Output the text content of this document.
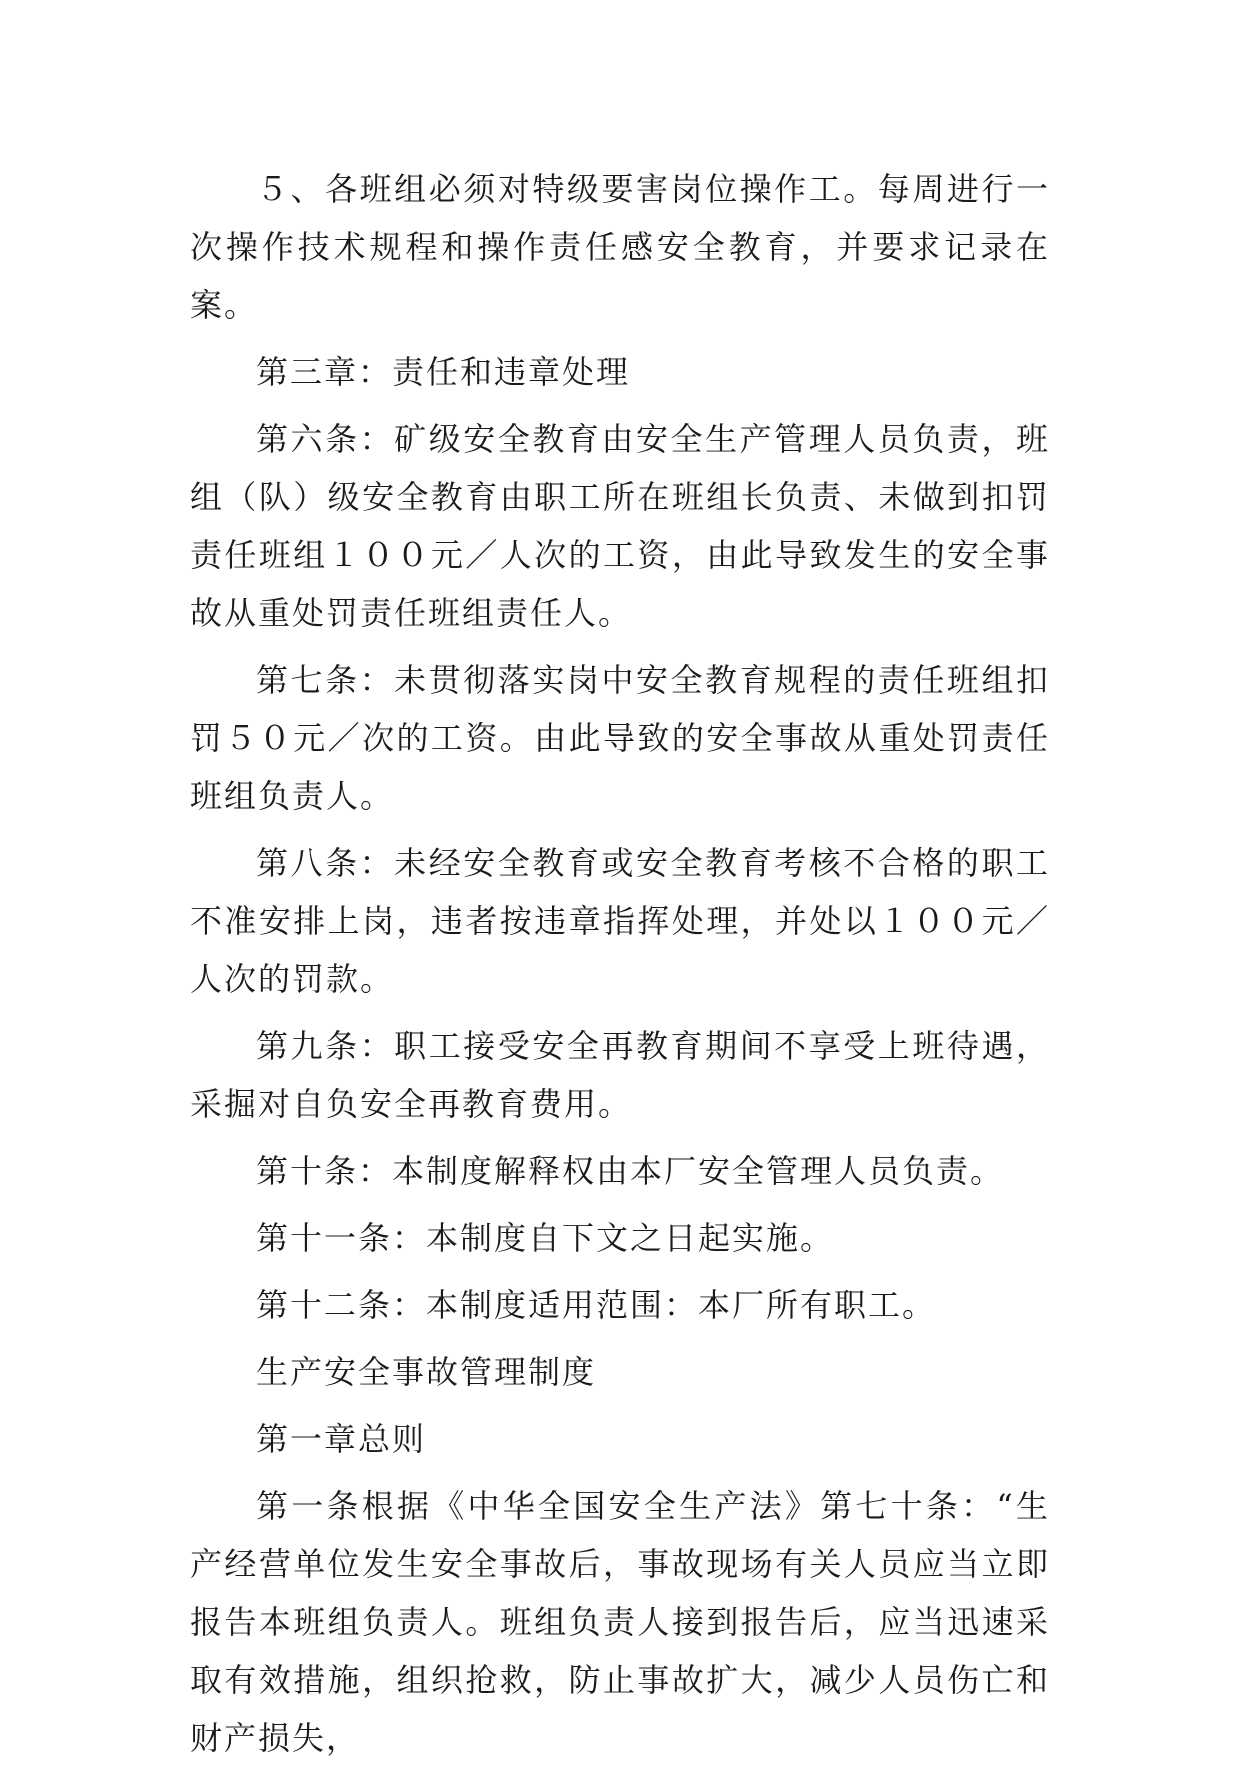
５、各班组必须对特级要害岗位操作工。每周进行一次操作技术规程和操作责任感安全教育，并要求记录在案。

第三章：责任和违章处理

第六条：矿级安全教育由安全生产管理人员负责，班组（队）级安全教育由职工所在班组长负责、未做到扣罚责任班组１００元／人次的工资，由此导致发生的安全事故从重处罚责任班组责任人。

第七条：未贯彻落实岗中安全教育规程的责任班组扣罚５０元／次的工资。由此导致的安全事故从重处罚责任班组负责人。

第八条：未经安全教育或安全教育考核不合格的职工不准安排上岗，违者按违章指挥处理，并处以１００元／人次的罚款。

第九条：职工接受安全再教育期间不享受上班待遇，采掘对自负安全再教育费用。

第十条：本制度解释权由本厂安全管理人员负责。

第十一条：本制度自下文之日起实施。

第十二条：本制度适用范围：本厂所有职工。

生产安全事故管理制度

第一章总则

第一条根据《中华全国安全生产法》第七十条：“生产经营单位发生安全事故后，事故现场有关人员应当立即报告本班组负责人。班组负责人接到报告后，应当迅速采取有效措施，组织抢救，防止事故扩大，减少人员伤亡和财产损失，
